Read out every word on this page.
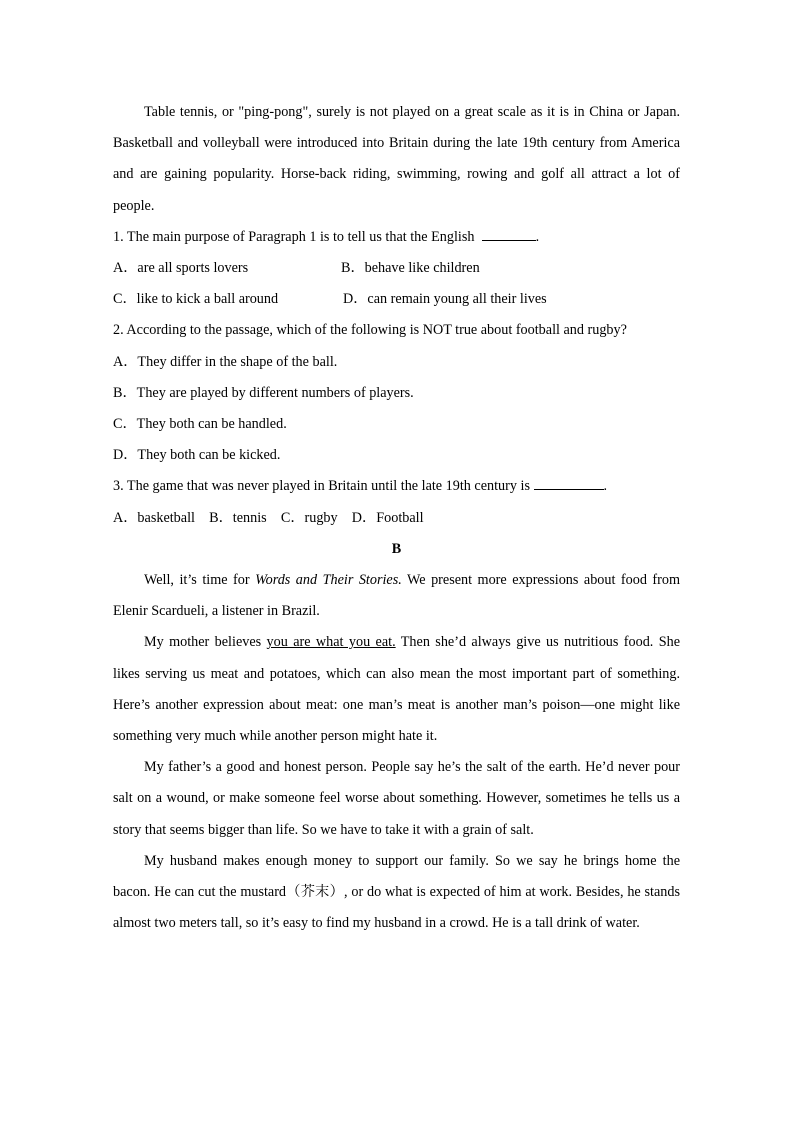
Table tennis, or "ping-pong", surely is not played on a great scale as it is in China or Japan. Basketball and volleyball were introduced into Britain during the late 19th century from America and are gaining popularity. Horse-back riding, swimming, rowing and golf all attract a lot of people.

1. The main purpose of Paragraph 1 is to tell us that the English	.

A．are all sports lovers	B．behave like children
C．like to kick a ball around	D．can remain young all their lives

2. According to the passage, which of the following is NOT true about football and rugby?

A．They differ in the shape of the ball.
B．They are played by different numbers of players.
C．They both can be handled.
D．They both can be kicked.

3. The game that was never played in Britain until the late 19th century is	.

A．basketball    B．tennis    C．rugby    D．Football
B

Well, it’s time for Words and Their Stories. We present more expressions about food from Elenir Scardueli, a listener in Brazil.

My mother believes you are what you eat. Then she’d always give us nutritious food. She likes serving us meat and potatoes, which can also mean the most important part of something. Here’s another expression about meat: one man’s meat is another man’s poison—one might like something very much while another person might hate it.

My father’s a good and honest person. People say he’s the salt of the earth. He’d never pour salt on a wound, or make someone feel worse about something. However, sometimes he tells us a story that seems bigger than life. So we have to take it with a grain of salt.

My husband makes enough money to support our family. So we say he brings home the bacon. He can cut the mustard（芥末）, or do what is expected of him at work. Besides, he stands almost two meters tall, so it’s easy to find my husband in a crowd. He is a tall drink of water.
